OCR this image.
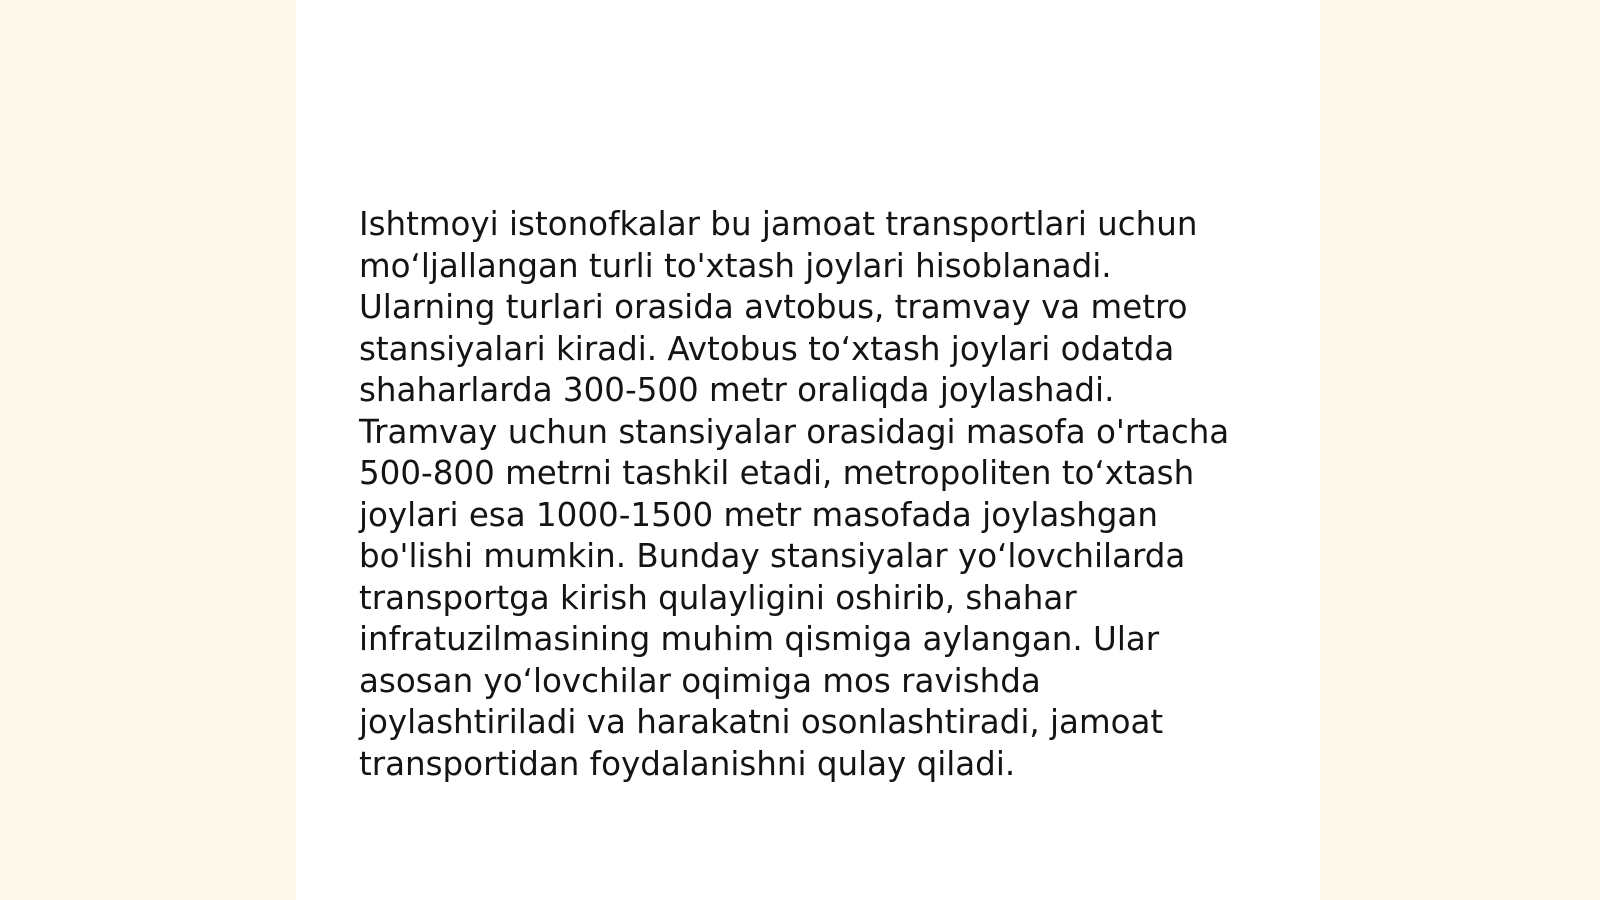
Ishtmoyi istonofkalar bu jamoat transportlari uchun
mo‘ljallangan turli to'xtash joylari hisoblanadi.
Ularning turlari orasida avtobus, tramvay va metro
stansiyalari kiradi. Avtobus to‘xtash joylari odatda
shaharlarda 300-500 metr oraliqda joylashadi.
Tramvay uchun stansiyalar orasidagi masofa o'rtacha
500-800 metrni tashkil etadi, metropoliten to‘xtash
joylari esa 1000-1500 metr masofada joylashgan
bo'lishi mumkin. Bunday stansiyalar yo‘lovchilarda
transportga kirish qulayligini oshirib, shahar
infratuzilmasining muhim qismiga aylangan. Ular
asosan yo‘lovchilar oqimiga mos ravishda
joylashtiriladi va harakatni osonlashtiradi, jamoat
transportidan foydalanishni qulay qiladi.
